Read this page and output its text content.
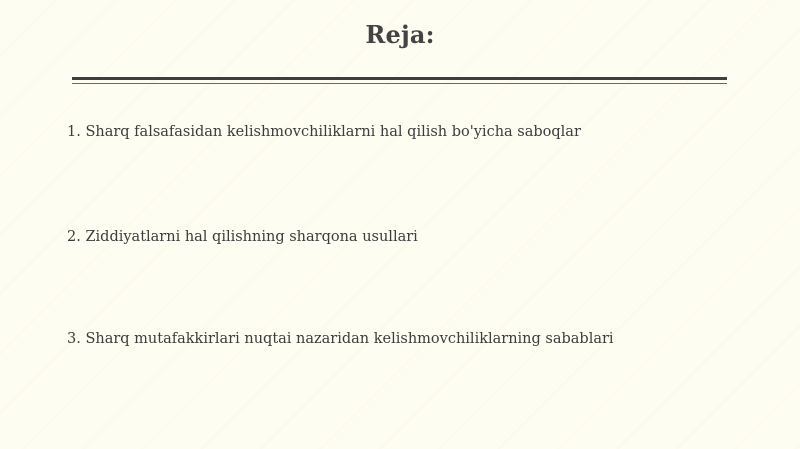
Reja:
1. Sharq falsafasidan kelishmovchiliklarni hal qilish bo'yicha saboqlar
2. Ziddiyatlarni hal qilishning sharqona usullari
3. Sharq mutafakkirlari nuqtai nazaridan kelishmovchiliklarning sabablari
